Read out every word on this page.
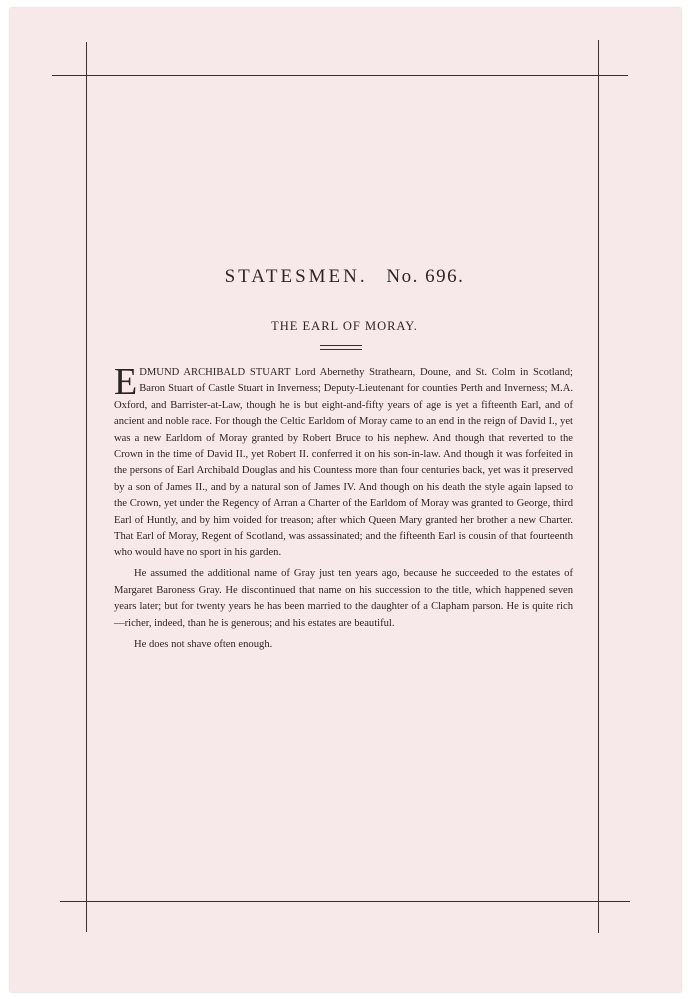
STATESMEN. No. 696.
THE EARL OF MORAY.

EDMUND ARCHIBALD STUART Lord Abernethy Strathearn, Doune, and St. Colm in Scotland; Baron Stuart of Castle Stuart in Inverness; Deputy-Lieutenant for counties Perth and Inverness; M.A. Oxford, and Barrister-at-Law, though he is but eight-and-fifty years of age is yet a fifteenth Earl, and of ancient and noble race. For though the Celtic Earldom of Moray came to an end in the reign of David I., yet was a new Earldom of Moray granted by Robert Bruce to his nephew. And though that reverted to the Crown in the time of David II., yet Robert II. conferred it on his son-in-law. And though it was forfeited in the persons of Earl Archibald Douglas and his Countess more than four centuries back, yet was it preserved by a son of James II., and by a natural son of James IV. And though on his death the style again lapsed to the Crown, yet under the Regency of Arran a Charter of the Earldom of Moray was granted to George, third Earl of Huntly, and by him voided for treason; after which Queen Mary granted her brother a new Charter. That Earl of Moray, Regent of Scotland, was assassinated; and the fifteenth Earl is cousin of that fourteenth who would have no sport in his garden.

He assumed the additional name of Gray just ten years ago, because he succeeded to the estates of Margaret Baroness Gray. He discontinued that name on his succession to the title, which happened seven years later; but for twenty years he has been married to the daughter of a Clapham parson. He is quite rich—richer, indeed, than he is generous; and his estates are beautiful.

He does not shave often enough.
